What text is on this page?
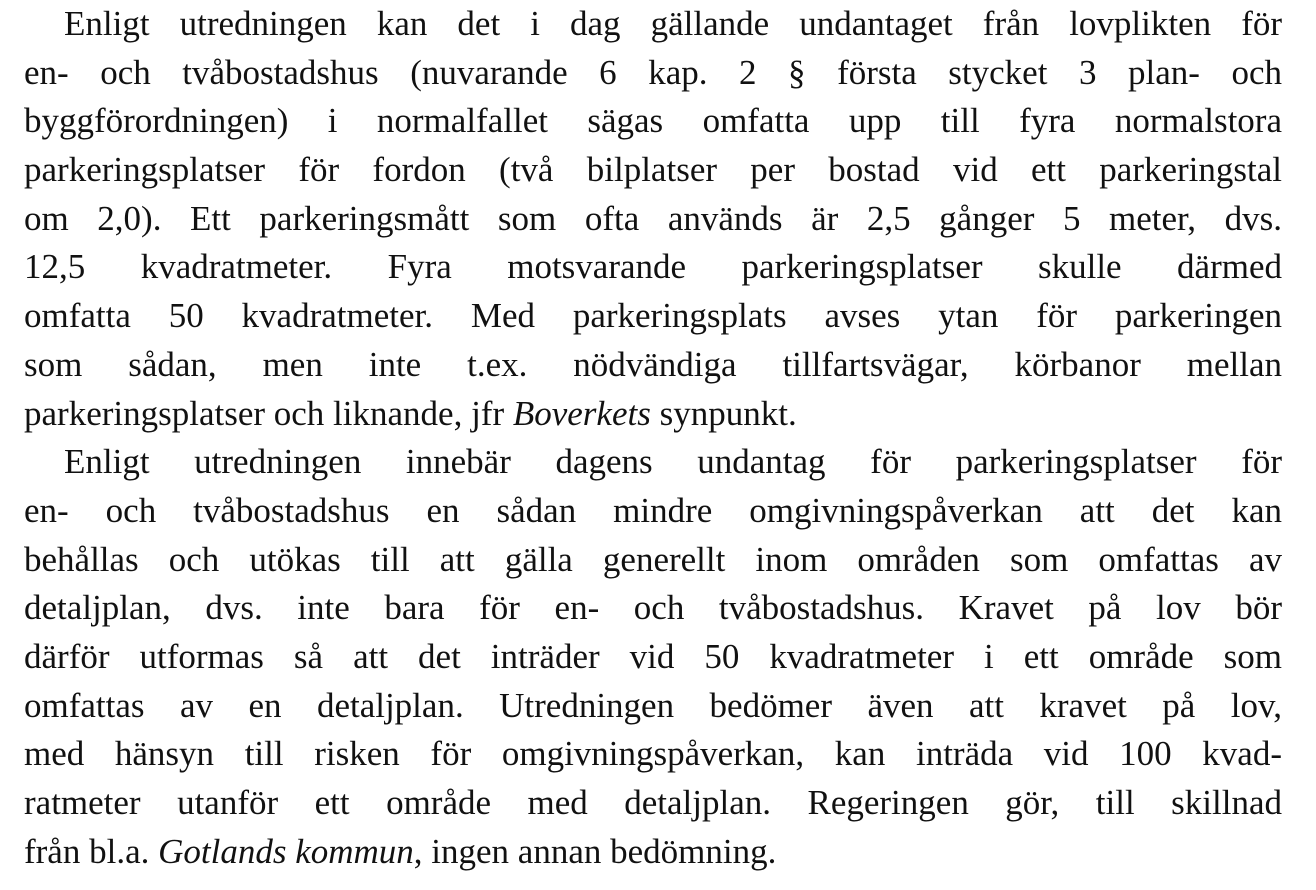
Enligt utredningen kan det i dag gällande undantaget från lovplikten för
en- och tvåbostadshus (nuvarande 6 kap. 2 § första stycket 3 plan- och
byggförordningen) i normalfallet sägas omfatta upp till fyra normalstora
parkeringsplatser för fordon (två bilplatser per bostad vid ett parkeringstal
om 2,0). Ett parkeringsmått som ofta används är 2,5 gånger 5 meter, dvs.
12,5 kvadratmeter. Fyra motsvarande parkeringsplatser skulle därmed
omfatta 50 kvadratmeter. Med parkeringsplats avses ytan för parkeringen
som sådan, men inte t.ex. nödvändiga tillfartsvägar, körbanor mellan
parkeringsplatser och liknande, jfr Boverkets synpunkt.
Enligt utredningen innebär dagens undantag för parkeringsplatser för
en- och tvåbostadshus en sådan mindre omgivningspåverkan att det kan
behållas och utökas till att gälla generellt inom områden som omfattas av
detaljplan, dvs. inte bara för en- och tvåbostadshus. Kravet på lov bör
därför utformas så att det inträder vid 50 kvadratmeter i ett område som
omfattas av en detaljplan. Utredningen bedömer även att kravet på lov,
med hänsyn till risken för omgivningspåverkan, kan inträda vid 100 kvad-
ratmeter utanför ett område med detaljplan. Regeringen gör, till skillnad
från bl.a. Gotlands kommun, ingen annan bedömning.
